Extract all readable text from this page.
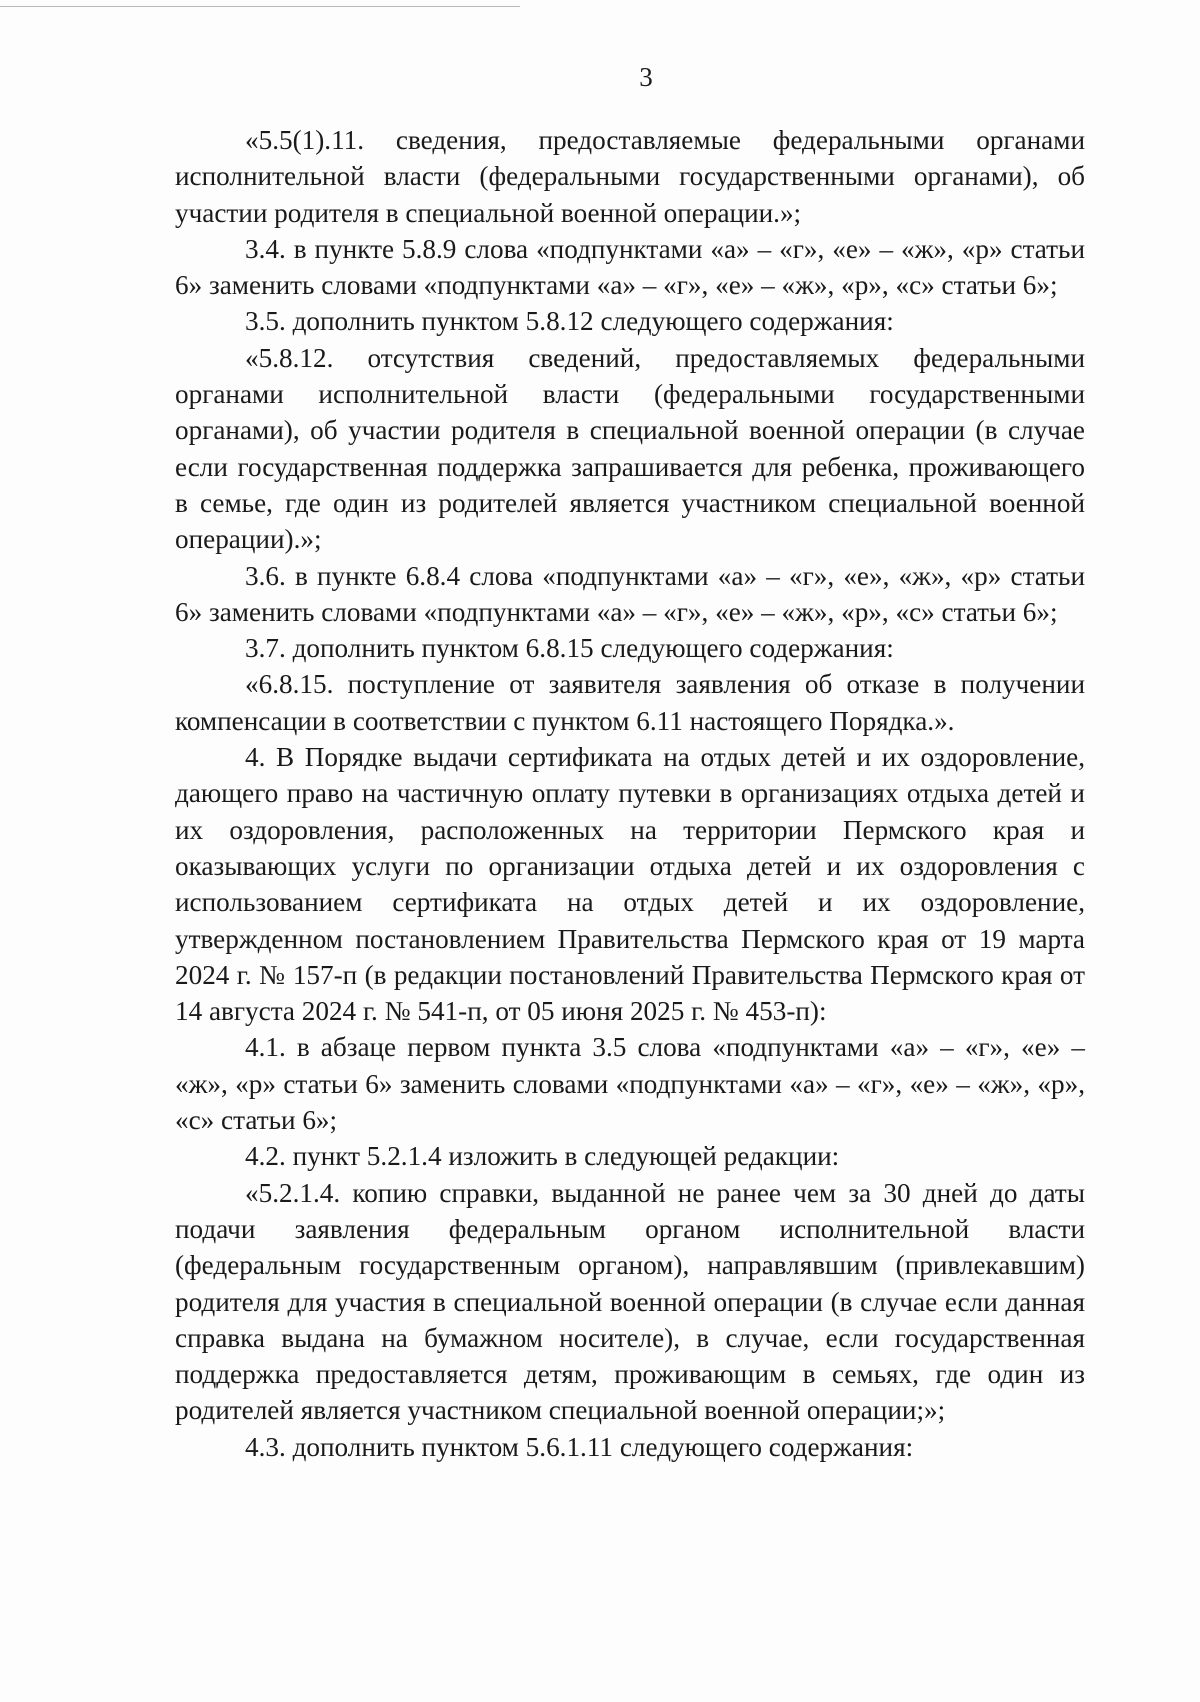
3

«5.5(1).11. сведения, предоставляемые федеральными органами исполнительной власти (федеральными государственными органами), об участии родителя в специальной военной операции.»;

3.4. в пункте 5.8.9 слова «подпунктами «а» – «г», «е» – «ж», «р» статьи 6» заменить словами «подпунктами «а» – «г», «е» – «ж», «р», «с» статьи 6»;

3.5. дополнить пунктом 5.8.12 следующего содержания:

«5.8.12. отсутствия сведений, предоставляемых федеральными органами исполнительной власти (федеральными государственными органами), об участии родителя в специальной военной операции (в случае если государственная поддержка запрашивается для ребенка, проживающего в семье, где один из родителей является участником специальной военной операции).»;

3.6. в пункте 6.8.4 слова «подпунктами «а» – «г», «е», «ж», «р» статьи 6» заменить словами «подпунктами «а» – «г», «е» – «ж», «р», «с» статьи 6»;

3.7. дополнить пунктом 6.8.15 следующего содержания:

«6.8.15. поступление от заявителя заявления об отказе в получении компенсации в соответствии с пунктом 6.11 настоящего Порядка.».

4. В Порядке выдачи сертификата на отдых детей и их оздоровление, дающего право на частичную оплату путевки в организациях отдыха детей и их оздоровления, расположенных на территории Пермского края и оказывающих услуги по организации отдыха детей и их оздоровления с использованием сертификата на отдых детей и их оздоровление, утвержденном постановлением Правительства Пермского края от 19 марта 2024 г. № 157-п (в редакции постановлений Правительства Пермского края от 14 августа 2024 г. № 541-п, от 05 июня 2025 г. № 453-п):

4.1. в абзаце первом пункта 3.5 слова «подпунктами «а» – «г», «е» – «ж», «р» статьи 6» заменить словами «подпунктами «а» – «г», «е» – «ж», «р», «с» статьи 6»;

4.2. пункт 5.2.1.4 изложить в следующей редакции:

«5.2.1.4. копию справки, выданной не ранее чем за 30 дней до даты подачи заявления федеральным органом исполнительной власти (федеральным государственным органом), направлявшим (привлекавшим) родителя для участия в специальной военной операции (в случае если данная справка выдана на бумажном носителе), в случае, если государственная поддержка предоставляется детям, проживающим в семьях, где один из родителей является участником специальной военной операции;»;

4.3. дополнить пунктом 5.6.1.11 следующего содержания:
